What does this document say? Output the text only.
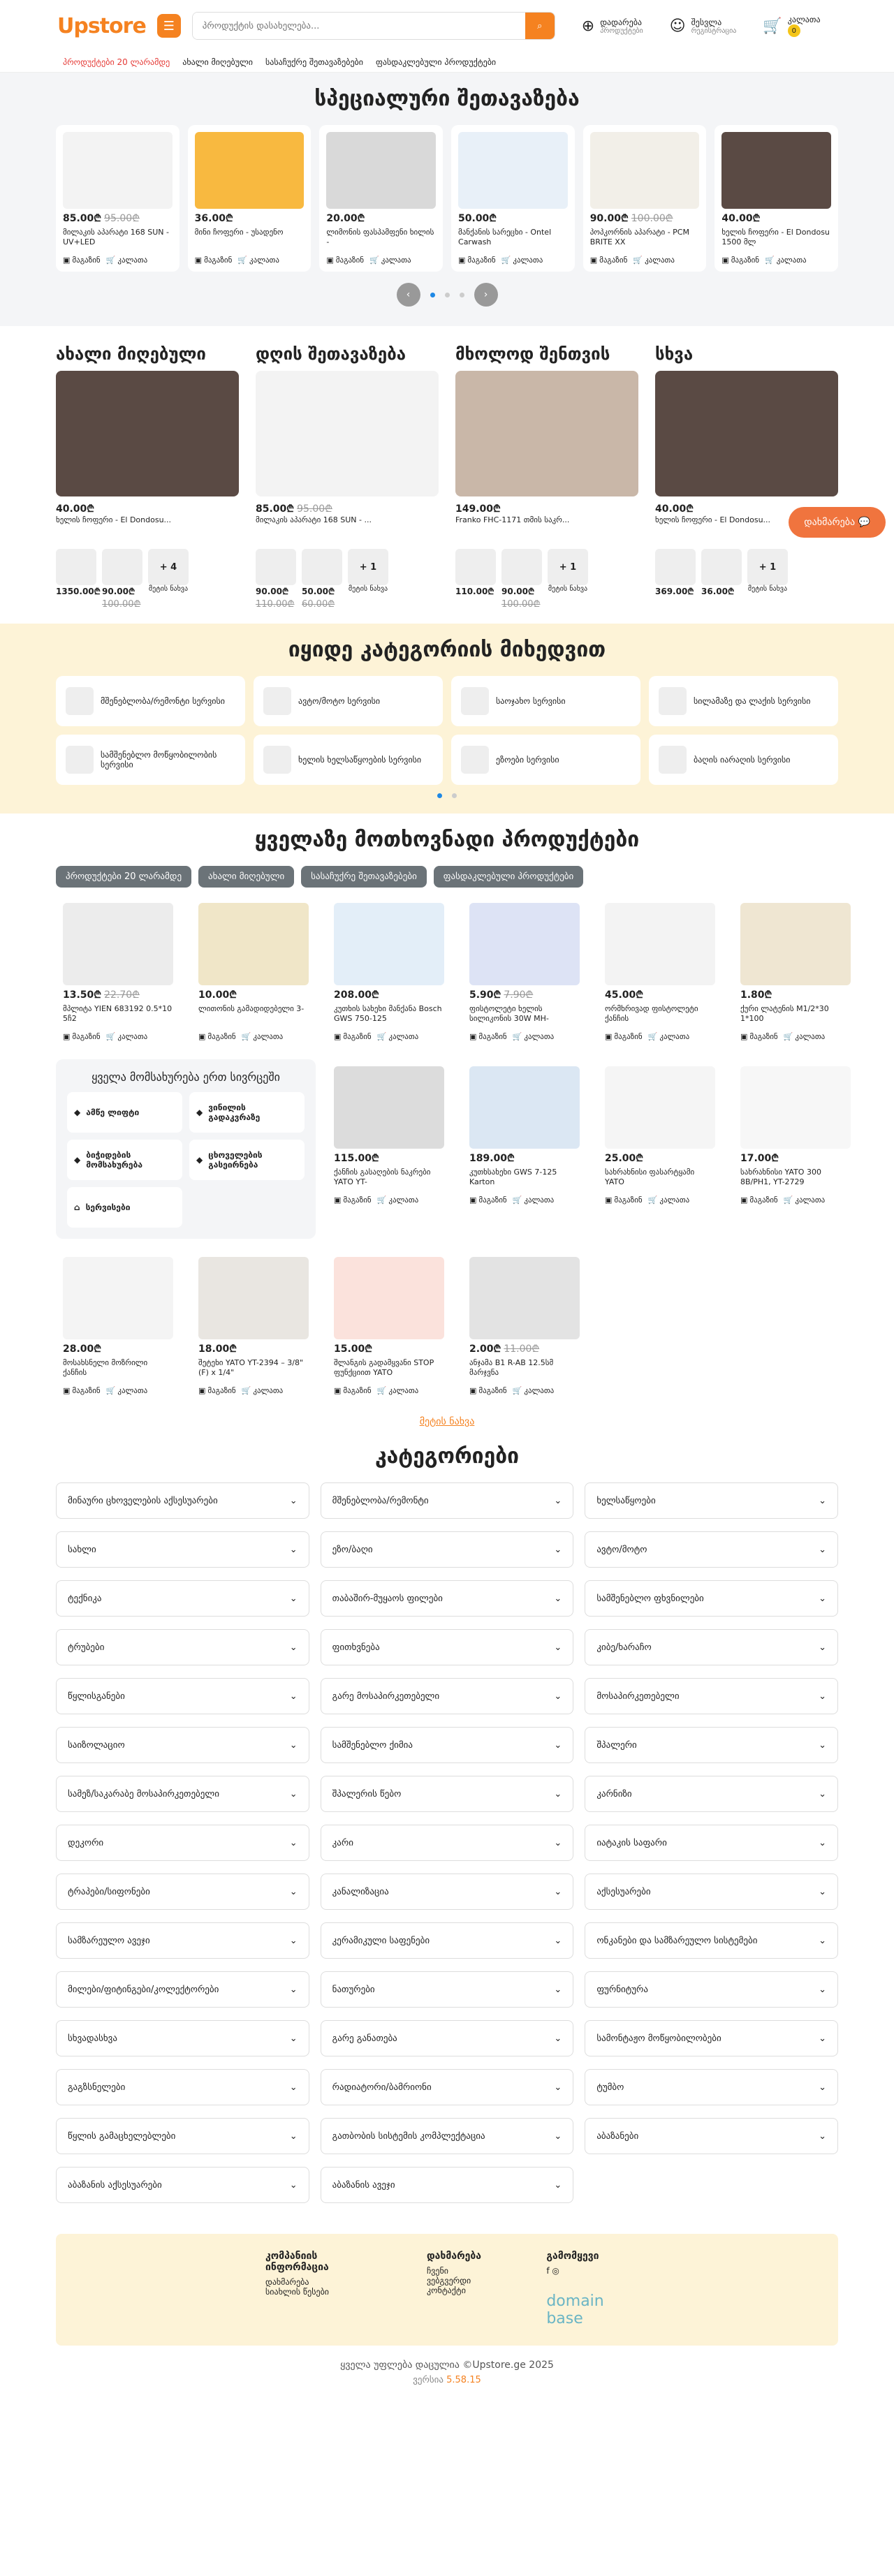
Upstore	☰
პროდუქტის დასახელება...	⌕	⊕ დადარება
პროდუქტები ☺ შესვლა
რეგისტრაცია 🛒 კალათა
0
პროდუქტები 20 ლარამდე ახალი მიღებული სასაჩუქრე შეთავაზებები ფასდაკლებული პროდუქტები
სპეციალური შეთავაზება
85.00₾ 95.00₾
მილაკის აპარატი 168 SUN - UV+LED
▣ მაგაზინ 🛒 კალათა
36.00₾
მინი ჩოფერი - უსადენო
▣ მაგაზინ 🛒 კალათა
20.00₾
ლიმონის ფასპამფენი ხილის -
▣ მაგაზინ 🛒 კალათა
50.00₾
მანქანის სარეცხი - Ontel Carwash
▣ მაგაზინ 🛒 კალათა
90.00₾ 100.00₾
პოპკორნის აპარატი - PCM BRITE XX
▣ მაგაზინ 🛒 კალათა
40.00₾
ხელის ჩოფერი - El Dondosu 1500 მლ
▣ მაგაზინ 🛒 კალათა
‹	›
ახალი მიღებული
40.00₾
ხელის ჩოფერი - El Dondosu...
1350.00₾ 90.00₾
100.00₾
+ 4
მეტის ნახვა
დღის შეთავაზება
85.00₾ 95.00₾
მილაკის აპარატი 168 SUN - ...
90.00₾
110.00₾
50.00₾
60.00₾
+ 1
მეტის ნახვა
მხოლოდ შენთვის
149.00₾
Franko FHC-1171 თმის საკრ...
110.00₾ 90.00₾
100.00₾
+ 1
მეტის ნახვა
სხვა
40.00₾
ხელის ჩოფერი - El Dondosu...
369.00₾ 36.00₾
+ 1
მეტის ნახვა
იყიდე კატეგორიის მიხედვით
მშენებლობა/რემონტი სერვისი	ავტო/მოტო სერვისი	საოჯახო სერვისი	სილამაზე და ლაქის სერვისი
სამშენებლო მოწყობილობის სერვისი	ხელის ხელსაწყოების სერვისი	ეზოები სერვისი	ბაღის იარაღის სერვისი
ყველაზე მოთხოვნადი პროდუქტები
პროდუქტები 20 ლარამდე	ახალი მიღებული	სასაჩუქრე შეთავაზებები	ფასდაკლებული პროდუქტები
13.50₾ 22.70₾
მპლიტა YIEN 683192 0.5*10 5ჩ2
▣ მაგაზინ 🛒 კალათა
10.00₾
ლითონის გამადიდებელი 3-
▣ მაგაზინ 🛒 კალათა
208.00₾
კუთხის სახეხი მანქანა Bosch GWS 750-125
▣ მაგაზინ 🛒 კალათა
5.90₾ 7.90₾
ფისტოლეტი ხელის სილიკონის 30W MH-
▣ მაგაზინ 🛒 კალათა
45.00₾
ორმხრივად ფისტოლეტი ქანჩის
▣ მაგაზინ 🛒 კალათა
1.80₾
ქური ლატენის M1/2*30 1*100
▣ მაგაზინ 🛒 კალათა
ყველა მომსახურება ერთ სივრცეში
◆ ამწე ლიფტი	◆ ვინილის გადაკვრაზე
◆ ბიჭიდების მომსახურება	◆ ცხოველების გასეირნება
⌂ სერვისები
115.00₾
ქანჩის გასაღების ნაკრები YATO YT-
▣ მაგაზინ 🛒 კალათა
189.00₾
კუთხსახეხი GWS 7-125 Karton
▣ მაგაზინ 🛒 კალათა
25.00₾
სახრახნისი ფასარტყამი YATO
▣ მაგაზინ 🛒 კალათა
17.00₾
სახრახნისი YATO 300 8B/PH1, YT-2729
▣ მაგაზინ 🛒 კალათა
28.00₾
მოსახსნელი მოზრილი ქანჩის
▣ მაგაზინ 🛒 კალათა
18.00₾
შეტეხი YATO YT-2394 – 3/8"(F) x 1/4"
▣ მაგაზინ 🛒 კალათა
15.00₾
შლანგის გადამყვანი STOP ფუნქციით YATO
▣ მაგაზინ 🛒 კალათა
2.00₾ 11.00₾
ანჯამა B1 R-AB 12.5სმ მარჯვნა
▣ მაგაზინ 🛒 კალათა
მეტის ნახვა
კატეგორიები
მინაური ცხოველების აქსესუარები	⌄	მშენებლობა/რემონტი	⌄	ხელსაწყოები	⌄
სახლი	⌄	ეზო/ბაღი	⌄	ავტო/მოტო	⌄
ტექნიკა	⌄	თაბაშირ-მუყაოს ფილები	⌄	სამშენებლო ფხვნილები	⌄
ტრუბები	⌄	ფითხვნება	⌄	კიბე/ხარაჩო	⌄
წყლისგანები	⌄	გარე მოსაპირკეთებელი	⌄	მოსაპირკეთებელი	⌄
საიზოლაციო	⌄	სამშენებლო ქიმია	⌄	შპალერი	⌄
სამეზ/საკარაბე მოსაპირკეთებელი	⌄	შპალერის წებო	⌄	კარნიზი	⌄
დეკორი	⌄	კარი	⌄	იატაკის საფარი	⌄
ტრაპები/სიფონები	⌄	კანალიზაცია	⌄	აქსესუარები	⌄
სამზარეულო ავეჯი	⌄	კერამიკული საფენები	⌄	ონკანები და სამზარეულო სისტემები	⌄
მილები/ფიტინგები/კოლექტორები	⌄	ნათურები	⌄	ფურნიტურა	⌄
სხვადასხვა	⌄	გარე განათება	⌄	სამონტაჟო მოწყობილობები	⌄
გაგზსნელები	⌄	რადიატორი/ბამრიონი	⌄	ტუმბო	⌄
წყლის გამაცხელებლები	⌄	გათბობის სისტემის კომპლექტაცია	⌄	აბაზანები	⌄
აბაზანის აქსესუარები	⌄	აბაზანის ავეჯი	⌄
კომპანიის ინფორმაცია
დახმარება
სიახლის წესები
დახმარება
ჩვენი ვებგვერდი
კონტაქტი
გამომყევი
f ◎
domain base
ყველა უფლება დაცულია ©Upstore.ge 2025
ვერსია 5.58.15
დახმარება 💬
